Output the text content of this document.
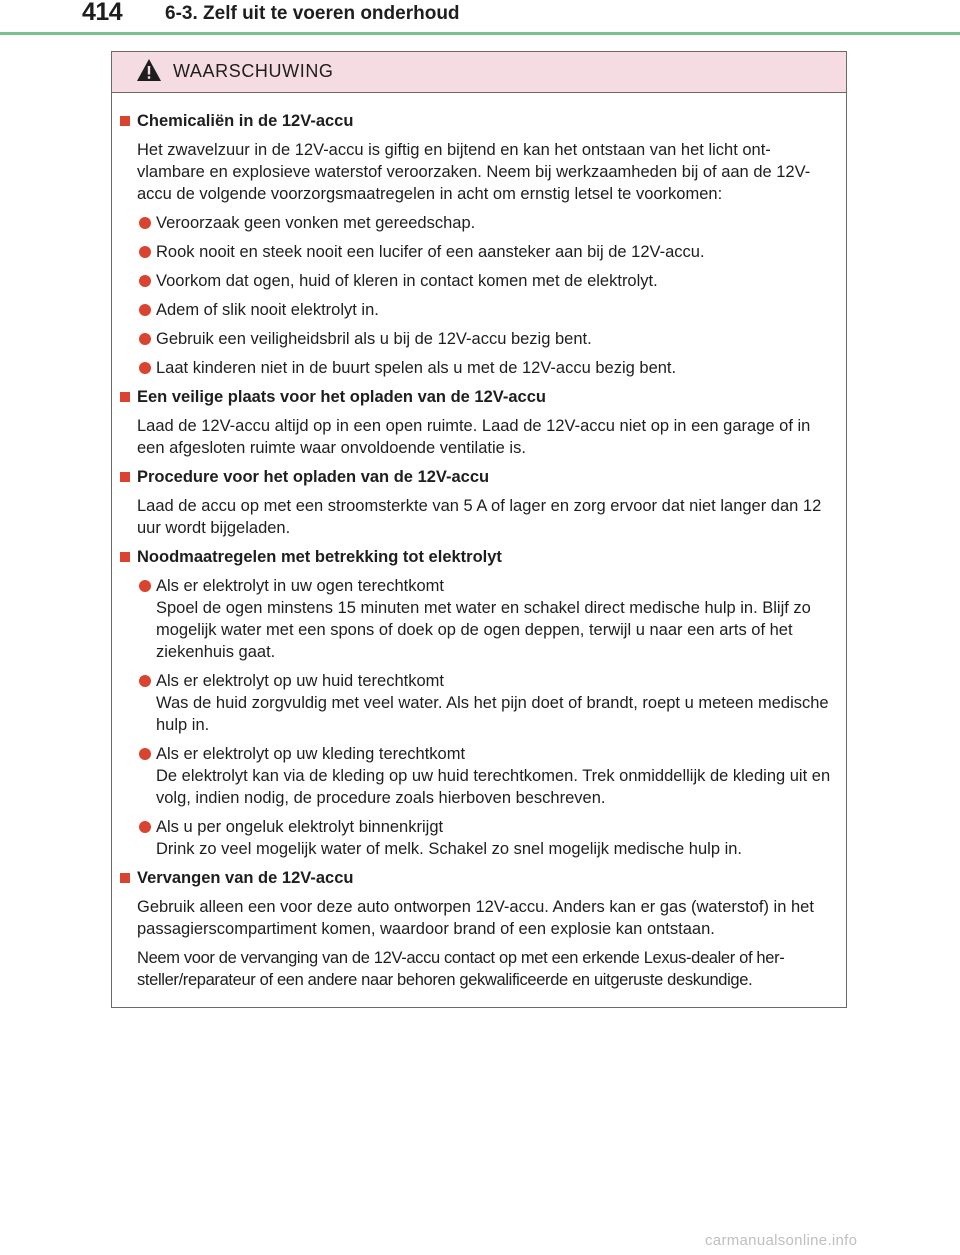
414 6-3. Zelf uit te voeren onderhoud
WAARSCHUWING
Chemicaliën in de 12V-accu

Het zwavelzuur in de 12V-accu is giftig en bijtend en kan het ontstaan van het licht ont- vlambare en explosieve waterstof veroorzaken. Neem bij werkzaamheden bij of aan de 12V-accu de volgende voorzorgsmaatregelen in acht om ernstig letsel te voorkomen:

Veroorzaak geen vonken met gereedschap.
Rook nooit en steek nooit een lucifer of een aansteker aan bij de 12V-accu.
Voorkom dat ogen, huid of kleren in contact komen met de elektrolyt.
Adem of slik nooit elektrolyt in.
Gebruik een veiligheidsbril als u bij de 12V-accu bezig bent.
Laat kinderen niet in de buurt spelen als u met de 12V-accu bezig bent.
Een veilige plaats voor het opladen van de 12V-accu

Laad de 12V-accu altijd op in een open ruimte. Laad de 12V-accu niet op in een garage of in een afgesloten ruimte waar onvoldoende ventilatie is.

Procedure voor het opladen van de 12V-accu

Laad de accu op met een stroomsterkte van 5 A of lager en zorg ervoor dat niet langer dan 12 uur wordt bijgeladen.

Noodmaatregelen met betrekking tot elektrolyt
Als er elektrolyt in uw ogen terechtkomt
Spoel de ogen minstens 15 minuten met water en schakel direct medische hulp in. Blijf zo mogelijk water met een spons of doek op de ogen deppen, terwijl u naar een arts of het ziekenhuis gaat.
Als er elektrolyt op uw huid terechtkomt
Was de huid zorgvuldig met veel water. Als het pijn doet of brandt, roept u meteen medische hulp in.
Als er elektrolyt op uw kleding terechtkomt
De elektrolyt kan via de kleding op uw huid terechtkomen. Trek onmiddellijk de kleding uit en volg, indien nodig, de procedure zoals hierboven beschreven.
Als u per ongeluk elektrolyt binnenkrijgt
Drink zo veel mogelijk water of melk. Schakel zo snel mogelijk medische hulp in.
Vervangen van de 12V-accu

Gebruik alleen een voor deze auto ontworpen 12V-accu. Anders kan er gas (waterstof) in het passagierscompartiment komen, waardoor brand of een explosie kan ontstaan.

Neem voor de vervanging van de 12V-accu contact op met een erkende Lexus-dealer of her- steller/reparateur of een andere naar behoren gekwalificeerde en uitgeruste deskundige.

carmanualsonline.info
